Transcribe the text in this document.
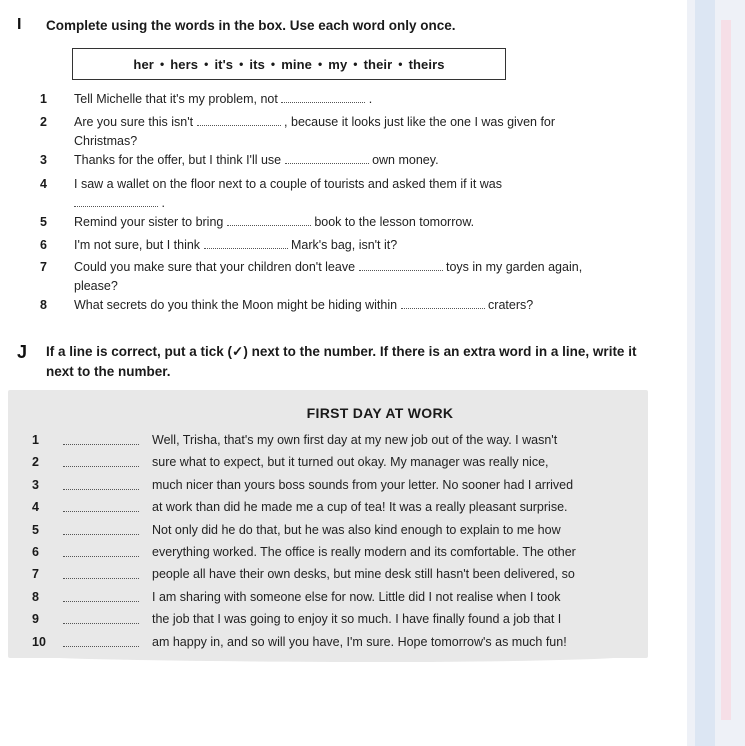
I Complete using the words in the box. Use each word only once.
her • hers • it's • its • mine • my • their • theirs
1	Tell Michelle that it's my problem, not	.
2	Are you sure this isn't	, because it looks just like the one I was given for
Christmas?
3	Thanks for the offer, but I think I'll use	own money.
4	I saw a wallet on the floor next to a couple of tourists and asked them if it was
.
5	Remind your sister to bring	book to the lesson tomorrow.
6	I'm not sure, but I think	Mark's bag, isn't it?
7	Could you make sure that your children don't leave	toys in my garden again,
please?
8	What secrets do you think the Moon might be hiding within	craters?
J If a line is correct, put a tick (✓) next to the number. If there is an extra word in a line, write it
next to the number.
FIRST DAY AT WORK
1	Well, Trisha, that's my own first day at my new job out of the way. I wasn't
2	sure what to expect, but it turned out okay. My manager was really nice,
3	much nicer than yours boss sounds from your letter. No sooner had I arrived
4	at work than did he made me a cup of tea! It was a really pleasant surprise.
5	Not only did he do that, but he was also kind enough to explain to me how
6	everything worked. The office is really modern and its comfortable. The other
7	people all have their own desks, but mine desk still hasn't been delivered, so
8	I am sharing with someone else for now. Little did I not realise when I took
9	the job that I was going to enjoy it so much. I have finally found a job that I
10	am happy in, and so will you have, I'm sure. Hope tomorrow's as much fun!
